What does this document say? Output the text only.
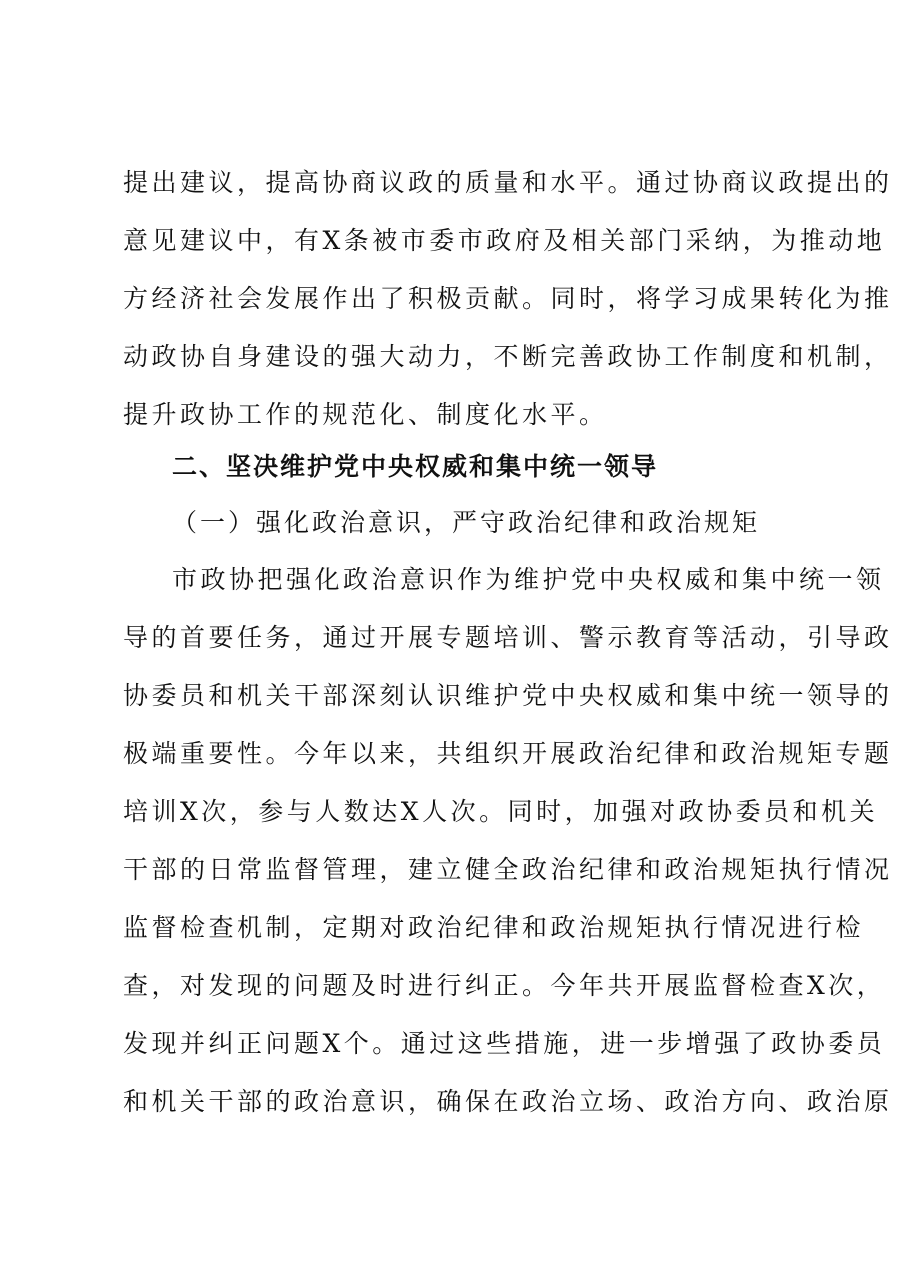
提出建议，提高协商议政的质量和水平。通过协商议政提出的
意见建议中，有X条被市委市政府及相关部门采纳，为推动地
方经济社会发展作出了积极贡献。同时，将学习成果转化为推
动政协自身建设的强大动力，不断完善政协工作制度和机制，
提升政协工作的规范化、制度化水平。
二、坚决维护党中央权威和集中统一领导
（一）强化政治意识，严守政治纪律和政治规矩
市政协把强化政治意识作为维护党中央权威和集中统一领
导的首要任务，通过开展专题培训、警示教育等活动，引导政
协委员和机关干部深刻认识维护党中央权威和集中统一领导的
极端重要性。今年以来，共组织开展政治纪律和政治规矩专题
培训X次，参与人数达X人次。同时，加强对政协委员和机关
干部的日常监督管理，建立健全政治纪律和政治规矩执行情况
监督检查机制，定期对政治纪律和政治规矩执行情况进行检
查，对发现的问题及时进行纠正。今年共开展监督检查X次，
发现并纠正问题X个。通过这些措施，进一步增强了政协委员
和机关干部的政治意识，确保在政治立场、政治方向、政治原
